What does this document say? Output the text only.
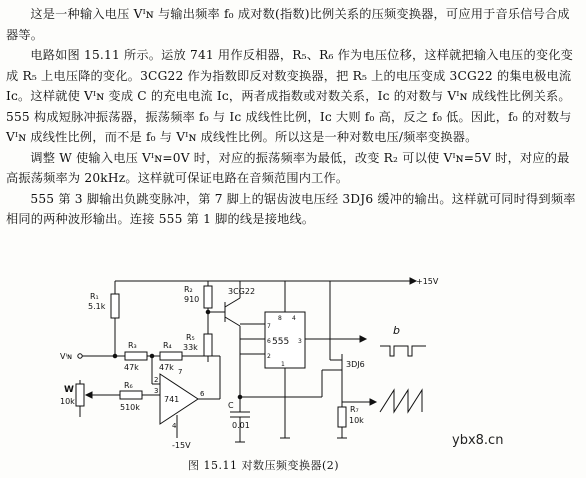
这是一种输入电压 Vᴵɴ 与输出频率 f₀ 成对数(指数)比例关系的压频变换器，可应用于音乐信号合成器等。

电路如图 15.11 所示。运放 741 用作反相器，R₅、R₆ 作为电压位移，这样就把输入电压的变化变成 R₅ 上电压降的变化。3CG22 作为指数即反对数变换器，把 R₅ 上的电压变成 3CG22 的集电极电流 Iᴄ。这样就使 Vᴵɴ 变成 C 的充电电流 Iᴄ，两者成指数或对数关系，Iᴄ 的对数与 Vᴵɴ 成线性比例关系。555 构成短脉冲振荡器，振荡频率 f₀ 与 Iᴄ 成线性比例，Iᴄ 大则 f₀ 高，反之 f₀ 低。因此，f₀ 的对数与 Vᴵɴ 成线性比例，而不是 f₀ 与 Vᴵɴ 成线性比例。所以这是一种对数电压/频率变换器。

调整 W 使输入电压 Vᴵɴ=0V 时，对应的振荡频率为最低，改变 R₂ 可以使 Vᴵɴ=5V 时，对应的最高振荡频率为 20kHz。这样就可保证电路在音频范围内工作。

555 第 3 脚输出负跳变脉冲，第 7 脚上的锯齿波电压经 3DJ6 缓冲的输出。这样就可同时得到频率相同的两种波形输出。连接 555 第 1 脚的线是接地线。

+15V
-15V
R₁
5.1k
R₂
910
R₃
47k
R₄
47k
R₅
33k
R₆
510k	R₇
10k
W
10k
Vᴵɴ
741
2
3
4
6
7
3CG22
555
8 4
7
6
2
3
1	3DJ6
C
0.01
b
图 15.11 对数压频变换器(2)
ybx8.cn
